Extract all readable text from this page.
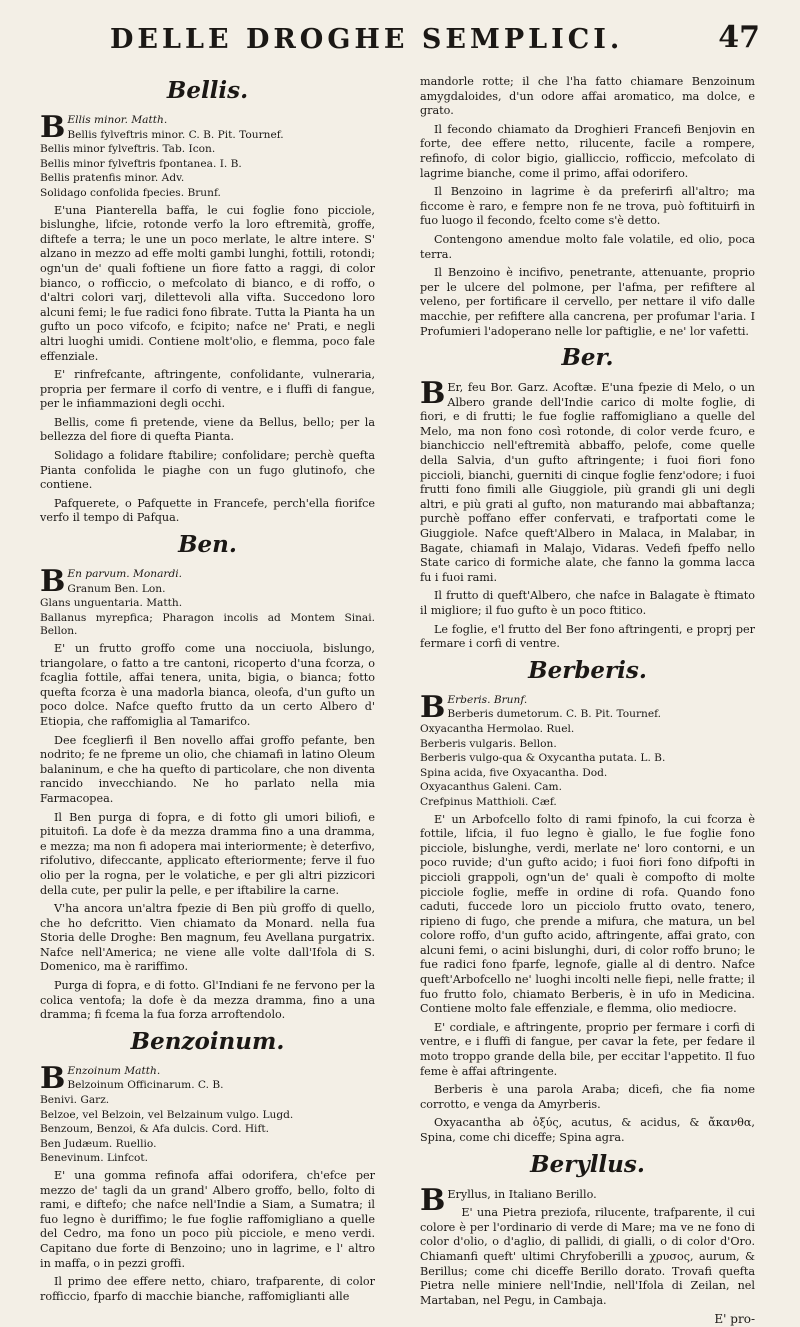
DELLE DROGHE SEMPLICI.	47
Bellis.
B Ellis minor. Matth.
Bellis fylveftris minor. C. B. Pit. Tournef.
Bellis minor fylveftris. Tab. Icon.
Bellis minor fylveftris fpontanea. I. B.
Bellis pratenfis minor. Adv.
Solidago confolida fpecies. Brunf.

E'una Pianterella baffa, le cui foglie fono picciole, bislunghe, lifcie, rotonde verfo la loro eftremità, groffe, diftefe a terra; le une un poco merlate, le altre intere. S' alzano in mezzo ad effe molti gambi lunghi, fottili, rotondi; ogn'un de' quali foftiene un fiore fatto a raggi, di color bianco, o rofficcio, o mefcolato di bianco, e di roffo, o d'altri colori varj, dilettevoli alla vifta. Succedono loro alcuni femi; le fue radici fono fibrate. Tutta la Pianta ha un gufto un poco vifcofo, e fcipito; nafce ne' Prati, e negli altri luoghi umidi. Contiene molt'olio, e flemma, poco fale effenziale.

E' rinfrefcante, aftringente, confolidante, vulneraria, propria per fermare il corfo di ventre, e i fluffi di fangue, per le infiammazioni degli occhi.

Bellis, come fi pretende, viene da Bellus, bello; per la bellezza del fiore di quefta Pianta.

Solidago a folidare ftabilire; confolidare; perchè quefta Pianta confolida le piaghe con un fugo glutinofo, che contiene.

Pafquerete, o Pafquette in Francefe, perch'ella fiorifce verfo il tempo di Pafqua.

Ben.
B En parvum. Monardi.
Granum Ben. Lon.
Glans unguentaria. Matth.
Ballanus myrepfica; Pharagon incolis ad Montem Sinai. Bellon.

E' un frutto groffo come una nocciuola, bislungo, triangolare, o fatto a tre cantoni, ricoperto d'una fcorza, o fcaglia fottile, affai tenera, unita, bigia, o bianca; fotto quefta fcorza è una madorla bianca, oleofa, d'un gufto un poco dolce. Nafce quefto frutto da un certo Albero d' Etiopia, che raffomiglia al Tamarifco.

Dee fceglierfi il Ben novello affai groffo pefante, ben nodrito; fe ne fpreme un olio, che chiamafi in latino Oleum balaninum, e che ha quefto di particolare, che non diventa rancido invecchiando. Ne ho parlato nella mia Farmacopea.

Il Ben purga di fopra, e di fotto gli umori biliofi, e pituitofi. La dofe è da mezza dramma fino a una dramma, e mezza; ma non fi adopera mai interiormente; è deterfivo, rifolutivo, difeccante, applicato efteriormente; ferve il fuo olio per la rogna, per le volatiche, e per gli altri pizzicori della cute, per pulir la pelle, e per iftabilire la carne.

V'ha ancora un'altra fpezie di Ben più groffo di quello, che ho defcritto. Vien chiamato da Monard. nella fua Storia delle Droghe: Ben magnum, feu Avellana purgatrix. Nafce nell'America; ne viene alle volte dall'Ifola di S. Domenico, ma è rariffimo.

Purga di fopra, e di fotto. Gl'Indiani fe ne fervono per la colica ventofa; la dofe è da mezza dramma, fino a una dramma; fi fcema la fua forza arroftendolo.

Benzoinum.
B Enzoinum Matth.
Belzoinum Officinarum. C. B.
Benivi. Garz.
Belzoe, vel Belzoin, vel Belzainum vulgo. Lugd.
Benzoum, Benzoi, & Afa dulcis. Cord. Hift.
Ben Judæum. Ruellio.
Benevinum. Linfcot.

E' una gomma refinofa affai odorifera, ch'efce per mezzo de' tagli da un grand' Albero groffo, bello, folto di rami, e diftefo; che nafce nell'Indie a Siam, a Sumatra; il fuo legno è duriffimo; le fue foglie raffomigliano a quelle del Cedro, ma fono un poco più picciole, e meno verdi. Capitano due forte di Benzoino; uno in lagrime, e l' altro in maffa, o in pezzi groffi.

Il primo dee effere netto, chiaro, trafparente, di color rofficcio, fparfo di macchie bianche, raffomiglianti alle

mandorle rotte; il che l'ha fatto chiamare Benzoinum amygdaloides, d'un odore affai aromatico, ma dolce, e grato.

Il fecondo chiamato da Droghieri Francefi Benjovin en forte, dee effere netto, rilucente, facile a rompere, refinofo, di color bigio, gialliccio, rofficcio, mefcolato di lagrime bianche, come il primo, affai odorifero.

Il Benzoino in lagrime è da preferirfi all'altro; ma ficcome è raro, e fempre non fe ne trova, può foftituirfi in fuo luogo il fecondo, fcelto come s'è detto.

Contengono amendue molto fale volatile, ed olio, poca terra.

Il Benzoino è incifivo, penetrante, attenuante, proprio per le ulcere del polmone, per l'afma, per refiftere al veleno, per fortificare il cervello, per nettare il vifo dalle macchie, per refiftere alla cancrena, per profumar l'aria. I Profumieri l'adoperano nelle lor paftiglie, e ne' lor vafetti.

Ber.

B Er, feu Bor. Garz. Acoftæ. E'una fpezie di Melo, o un Albero grande dell'Indie carico di molte foglie, di fiori, e di frutti; le fue foglie raffomigliano a quelle del Melo, ma non fono così rotonde, di color verde fcuro, e bianchiccio nell'eftremità abbaffo, pelofe, come quelle della Salvia, d'un gufto aftringente; i fuoi fiori fono piccioli, bianchi, guerniti di cinque foglie fenz'odore; i fuoi frutti fono fimili alle Giuggiole, più grandi gli uni degli altri, e più grati al gufto, non maturando mai abbaftanza; purchè poffano effer confervati, e trafportati come le Giuggiole. Nafce queft'Albero in Malaca, in Malabar, in Bagate, chiamafi in Malajo, Vidaras. Vedefi fpeffo nello State carico di formiche alate, che fanno la gomma lacca fu i fuoi rami.

Il frutto di queft'Albero, che nafce in Balagate è ftimato il migliore; il fuo gufto è un poco ftitico.

Le foglie, e'l frutto del Ber fono aftringenti, e proprj per fermare i corfi di ventre.

Berberis.
B Erberis. Brunf.
Berberis dumetorum. C. B. Pit. Tournef.
Oxyacantha Hermolao. Ruel.
Berberis vulgaris. Bellon.
Berberis vulgo-qua & Oxycantha putata. L. B.
Spina acida, five Oxyacantha. Dod.
Oxyacanthus Galeni. Cam.
Crefpinus Matthioli. Cæf.

E' un Arbofcello folto di rami fpinofo, la cui fcorza è fottile, lifcia, il fuo legno è giallo, le fue foglie fono picciole, bislunghe, verdi, merlate ne' loro contorni, e un poco ruvide; d'un gufto acido; i fuoi fiori fono difpofti in piccioli grappoli, ogn'un de' quali è compofto di molte picciole foglie, meffe in ordine di rofa. Quando fono caduti, fuccede loro un picciolo frutto ovato, tenero, ripieno di fugo, che prende a mifura, che matura, un bel colore roffo, d'un gufto acido, aftringente, affai grato, con alcuni femi, o acini bislunghi, duri, di color roffo bruno; le fue radici fono fparfe, legnofe, gialle al di dentro. Nafce queft'Arbofcello ne' luoghi incolti nelle fiepi, nelle fratte; il fuo frutto folo, chiamato Berberis, è in ufo in Medicina. Contiene molto fale effenziale, e flemma, olio mediocre.

E' cordiale, e aftringente, proprio per fermare i corfi di ventre, e i fluffi di fangue, per cavar la fete, per fedare il moto troppo grande della bile, per eccitar l'appetito. Il fuo feme è affai aftringente.

Berberis è una parola Araba; dicefi, che fia nome corrotto, e venga da Amyrberis.

Oxyacantha ab ὀξύς, acutus, & acidus, & ἄκανθα, Spina, come chi diceffe; Spina agra.

Beryllus.

B Eryllus, in Italiano Berillo.

E' una Pietra preziofa, rilucente, trafparente, il cui colore è per l'ordinario di verde di Mare; ma ve ne fono di color d'olio, o d'aglio, di pallidi, di gialli, o di color d'Oro. Chiamanfi queft' ultimi Chryfoberilli a χρυσος, aurum, & Berillus; come chi diceffe Berillo dorato. Trovafi quefta Pietra nelle miniere nell'Indie, nell'Ifola di Zeilan, nel Martaban, nel Pegu, in Cambaja.

E' pro-
